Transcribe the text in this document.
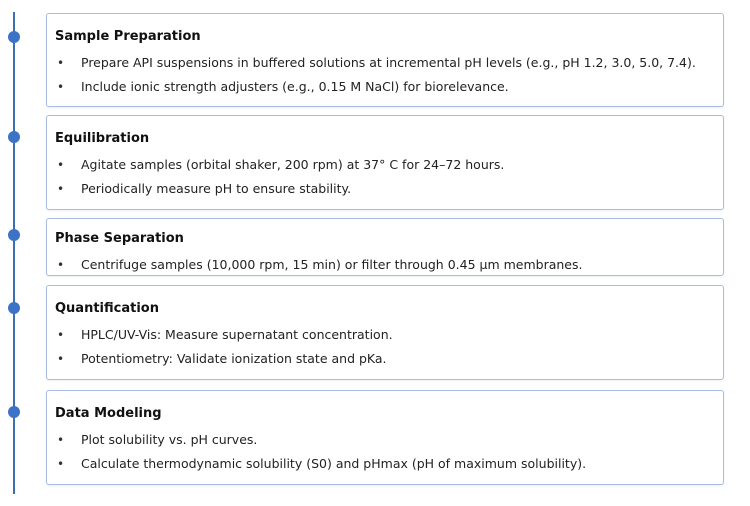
Sample Preparation
• Prepare API suspensions in buffered solutions at incremental pH levels (e.g., pH 1.2, 3.0, 5.0, 7.4).
• Include ionic strength adjusters (e.g., 0.15 M NaCl) for biorelevance.
Equilibration
• Agitate samples (orbital shaker, 200 rpm) at 37° C for 24–72 hours.
• Periodically measure pH to ensure stability.
Phase Separation
• Centrifuge samples (10,000 rpm, 15 min) or filter through 0.45 µm membranes.
Quantification
• HPLC/UV-Vis: Measure supernatant concentration.
• Potentiometry: Validate ionization state and pKa.
Data Modeling
• Plot solubility vs. pH curves.
• Calculate thermodynamic solubility (S0) and pHmax (pH of maximum solubility).
